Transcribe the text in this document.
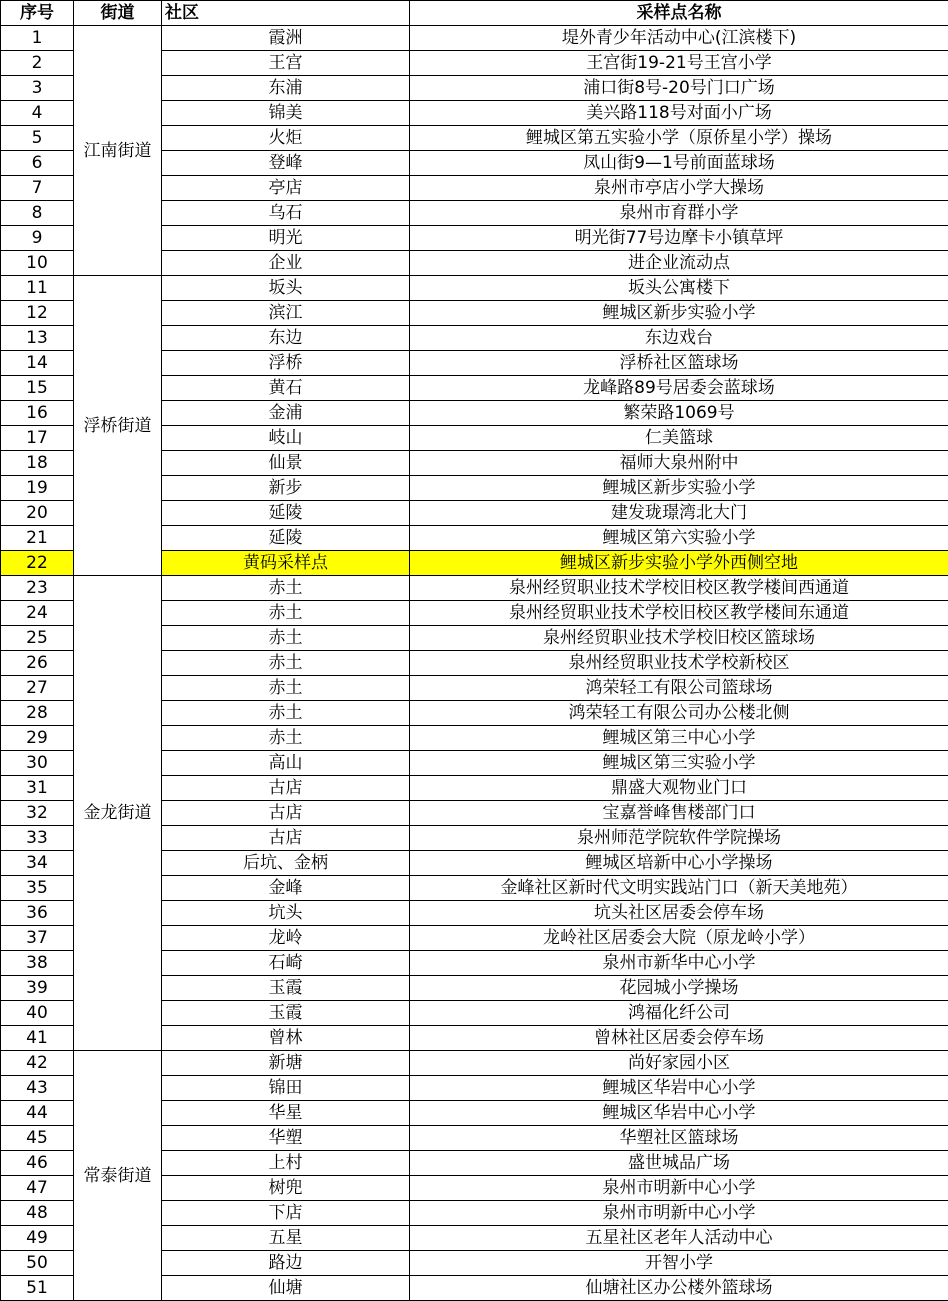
序号	街道	社区	采样点名称
1	江南街道	霞洲	堤外青少年活动中心(江滨楼下)
2		王宫	王宫街19-21号王宫小学
3		东浦	浦口街8号-20号门口广场
4		锦美	美兴路118号对面小广场
5		火炬	鲤城区第五实验小学（原侨星小学）操场
6		登峰	凤山街9—1号前面蓝球场
7		亭店	泉州市亭店小学大操场
8		乌石	泉州市育群小学
9		明光	明光街77号边摩卡小镇草坪
10		企业	进企业流动点
11	浮桥街道	坂头	坂头公寓楼下
12		滨江	鲤城区新步实验小学
13		东边	东边戏台
14		浮桥	浮桥社区篮球场
15		黄石	龙峰路89号居委会蓝球场
16		金浦	繁荣路1069号
17		岐山	仁美篮球
18		仙景	福师大泉州附中
19		新步	鲤城区新步实验小学
20		延陵	建发珑璟湾北大门
21		延陵	鲤城区第六实验小学
22		黄码采样点	鲤城区新步实验小学外西侧空地
23	金龙街道	赤土	泉州经贸职业技术学校旧校区教学楼间西通道
24		赤土	泉州经贸职业技术学校旧校区教学楼间东通道
25		赤土	泉州经贸职业技术学校旧校区篮球场
26		赤土	泉州经贸职业技术学校新校区
27		赤土	鸿荣轻工有限公司篮球场
28		赤土	鸿荣轻工有限公司办公楼北侧
29		赤土	鲤城区第三中心小学
30		高山	鲤城区第三实验小学
31		古店	鼎盛大观物业门口
32		古店	宝嘉誉峰售楼部门口
33		古店	泉州师范学院软件学院操场
34		后坑、金柄	鲤城区培新中心小学操场
35		金峰	金峰社区新时代文明实践站门口（新天美地苑）
36		坑头	坑头社区居委会停车场
37		龙岭	龙岭社区居委会大院（原龙岭小学）
38		石崎	泉州市新华中心小学
39		玉霞	花园城小学操场
40		玉霞	鸿福化纤公司
41		曾林	曾林社区居委会停车场
42	常泰街道	新塘	尚好家园小区
43		锦田	鲤城区华岩中心小学
44		华星	鲤城区华岩中心小学
45		华塑	华塑社区篮球场
46		上村	盛世城品广场
47		树兜	泉州市明新中心小学
48		下店	泉州市明新中心小学
49		五星	五星社区老年人活动中心
50		路边	开智小学
51		仙塘	仙塘社区办公楼外篮球场
